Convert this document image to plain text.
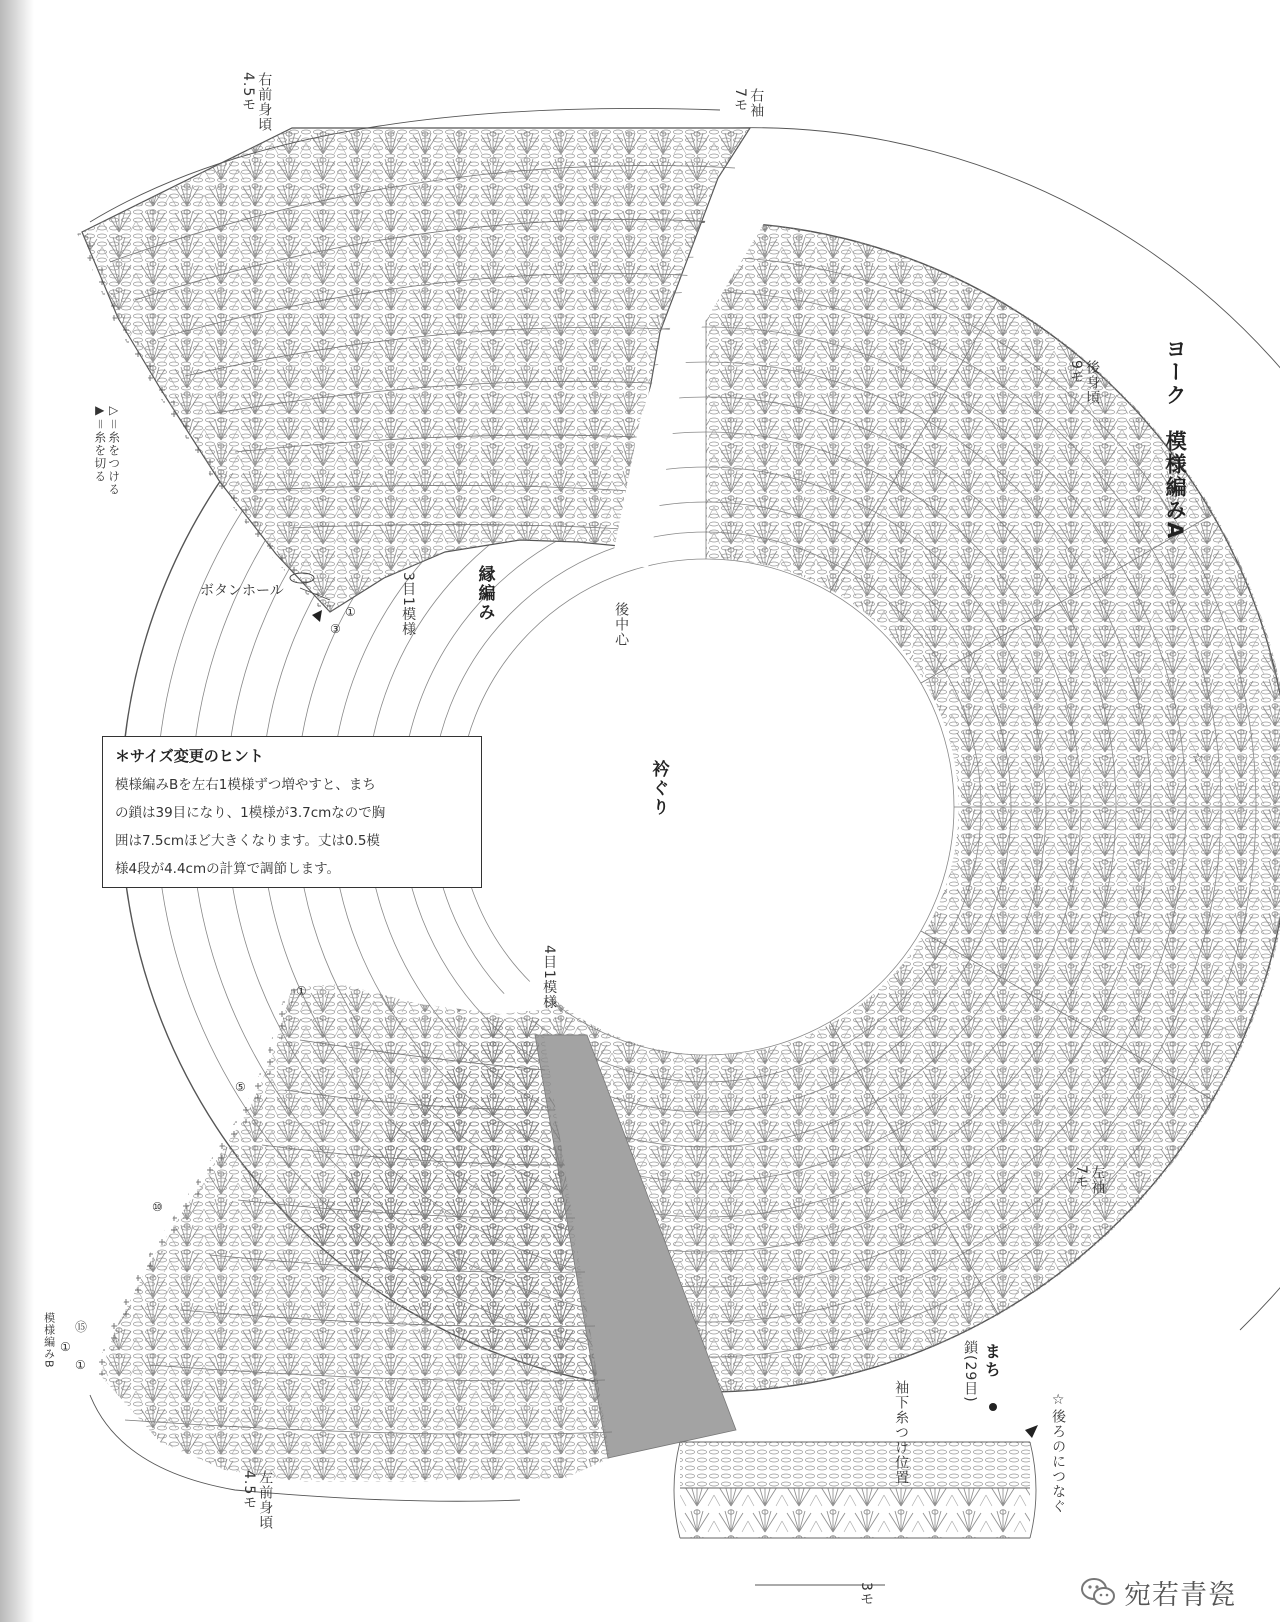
☆
ヨーク　模様編みA
右前身頃
4.5モ	右袖
7モ
後身頃
9モ
左袖
7モ
左前身頃
4.5モ
模様編みB
衿ぐり
縁編み
後中心
ボタンホール	3目1模様
4目1模様
まち
鎖(29目)
☆後ろのにつなぐ
袖下糸つけ位置
3モ
▷＝糸をつける
▶＝糸を切る
①
③
①
⑤
⑩
⑮
①
①
＊サイズ変更のヒント
模様編みBを左右1模様ずつ増やすと、まち
の鎖は39目になり、1模様が3.7cmなので胸
囲は7.5cmほど大きくなります。丈は0.5模
様4段が4.4cmの計算で調節します。
宛若青瓷
